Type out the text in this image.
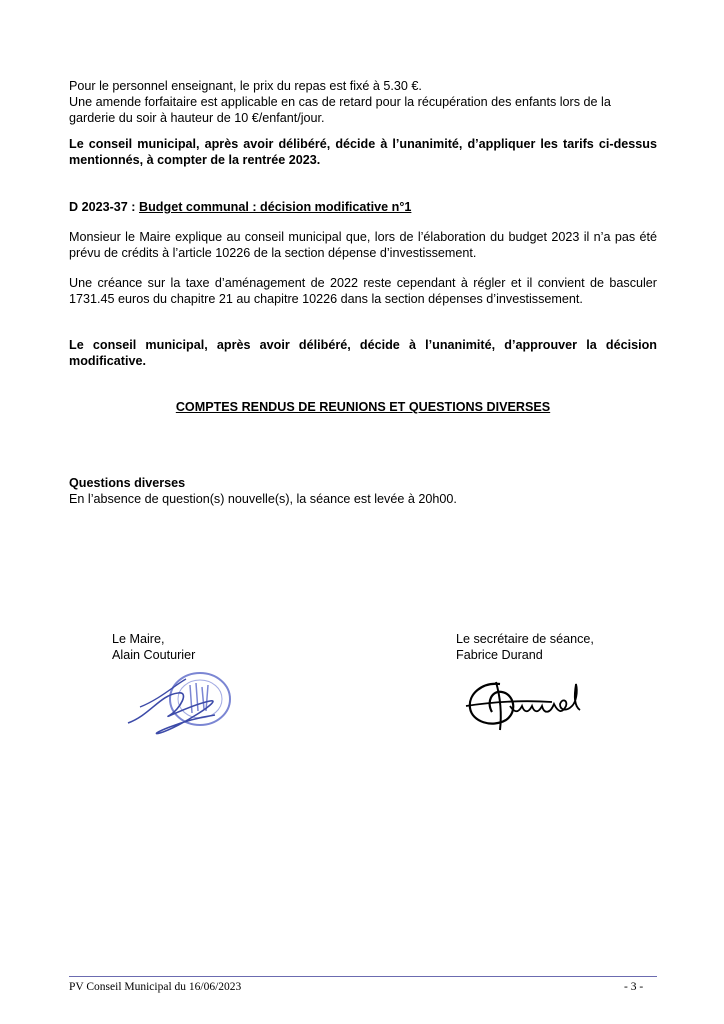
Pour le personnel enseignant, le prix du repas est fixé à 5.30 €.

Une amende forfaitaire est applicable en cas de retard pour la récupération des enfants lors de la garderie du soir à hauteur de 10 €/enfant/jour.

Le conseil municipal, après avoir délibéré, décide à l’unanimité, d’appliquer les tarifs ci-dessus mentionnés, à compter de la rentrée 2023.
D 2023-37 : Budget communal : décision modificative n°1
Monsieur le Maire explique au conseil municipal que, lors de l’élaboration du budget 2023 il n’a pas été prévu de crédits à l’article 10226 de la section dépense d’investissement.
Une créance sur la taxe d’aménagement de 2022 reste cependant à régler et il convient de basculer 1731.45 euros du chapitre 21 au chapitre 10226 dans la section dépenses d’investissement.
Le conseil municipal, après avoir délibéré, décide à l’unanimité, d’approuver la décision modificative.
COMPTES RENDUS DE REUNIONS ET QUESTIONS DIVERSES

Questions diverses

En l’absence de question(s) nouvelle(s), la séance est levée à 20h00.

Le Maire,

Alain Couturier

Le secrétaire de séance,

Fabrice Durand

PV Conseil Municipal du 16/06/2023	- 3 -
